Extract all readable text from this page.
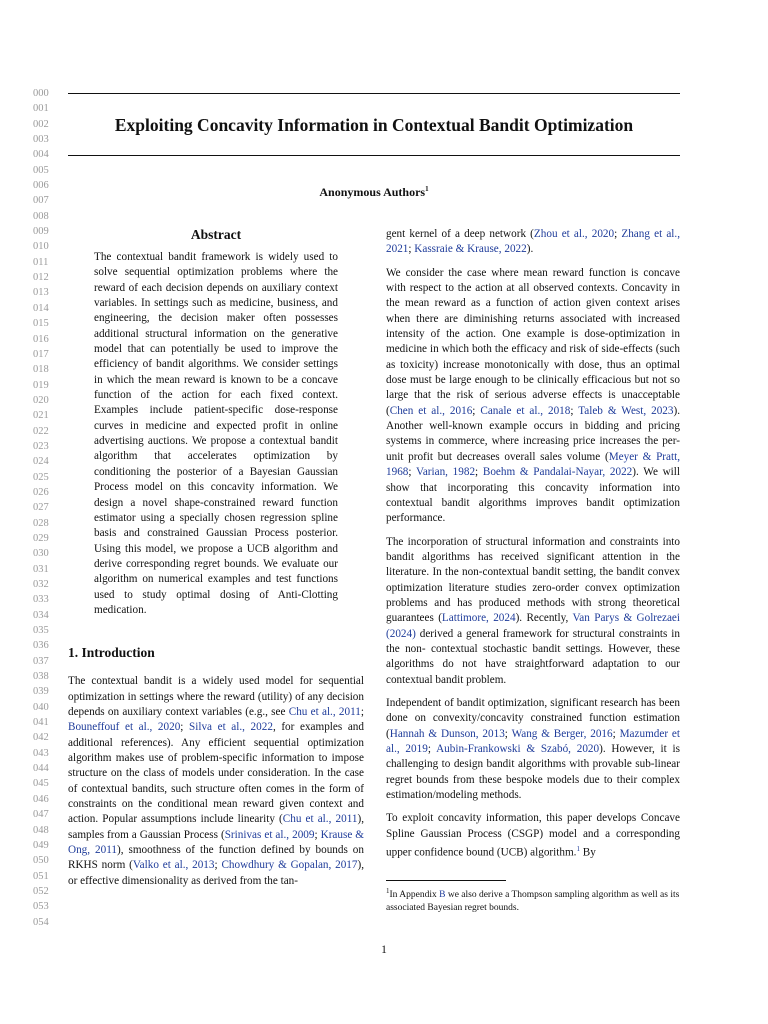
000
001
002
003
004
005
006
007
008
009
010
011
012
013
014
015
016
017
018
019
020
021
022
023
024
025
026
027
028
029
030
031
032
033
034
035
036
037
038
039
040
041
042
043
044
045
046
047
048
049
050
051
052
053
054
Exploiting Concavity Information in Contextual Bandit Optimization
Anonymous Authors$^1$
Abstract

The contextual bandit framework is widely used to solve sequential optimization problems where the reward of each decision depends on auxiliary context variables. In settings such as medicine, business, and engineering, the decision maker often possesses additional structural information on the generative model that can potentially be used to improve the efficiency of bandit algorithms. We consider settings in which the mean reward is known to be a concave function of the action for each fixed context. Examples include patient-specific dose-response curves in medicine and expected profit in online advertising auctions. We propose a contextual bandit algorithm that accelerates optimization by conditioning the posterior of a Bayesian Gaussian Process model on this concavity information. We design a novel shape-constrained reward function estimator using a specially chosen regression spline basis and constrained Gaussian Process posterior. Using this model, we propose a UCB algorithm and derive corresponding regret bounds. We evaluate our algorithm on numerical examples and test functions used to study optimal dosing of Anti-Clotting medication.

1. Introduction

The contextual bandit is a widely used model for sequential optimization in settings where the reward (utility) of any decision depends on auxiliary context variables (e.g., see Chu et al., 2011; Bouneffouf et al., 2020; Silva et al., 2022, for examples and additional references). Any efficient sequential optimization algorithm makes use of problem-specific information to impose structure on the class of models under consideration. In the case of contextual bandits, such structure often comes in the form of constraints on the conditional mean reward given context and action. Popular assumptions include linearity (Chu et al., 2011), samples from a Gaussian Process (Srinivas et al., 2009; Krause & Ong, 2011), smoothness of the function defined by bounds on RKHS norm (Valko et al., 2013; Chowdhury & Gopalan, 2017), or effective dimensionality as derived from the tan-

gent kernel of a deep network (Zhou et al., 2020; Zhang et al., 2021; Kassraie & Krause, 2022).

We consider the case where mean reward function is concave with respect to the action at all observed contexts. Concavity in the mean reward as a function of action given context arises when there are diminishing returns associated with increased intensity of the action. One example is dose-optimization in medicine in which both the efficacy and risk of side-effects (such as toxicity) increase monotonically with dose, thus an optimal dose must be large enough to be clinically efficacious but not so large that the risk of serious adverse effects is unacceptable (Chen et al., 2016; Canale et al., 2018; Taleb & West, 2023). Another well-known example occurs in bidding and pricing systems in commerce, where increasing price increases the per-unit profit but decreases overall sales volume (Meyer & Pratt, 1968; Varian, 1982; Boehm & Pandalai-Nayar, 2022). We will show that incorporating this concavity information into contextual bandit algorithms improves bandit optimization performance.

The incorporation of structural information and constraints into bandit algorithms has received significant attention in the literature. In the non-contextual bandit setting, the bandit convex optimization literature studies zero-order convex optimization problems and has produced methods with strong theoretical guarantees (Lattimore, 2024). Recently, Van Parys & Golrezaei (2024) derived a general framework for structural constraints in the non- contextual stochastic bandit settings. However, these algorithms do not have straightforward adaptation to our contextual bandit problem.

Independent of bandit optimization, significant research has been done on convexity/concavity constrained function estimation (Hannah & Dunson, 2013; Wang & Berger, 2016; Mazumder et al., 2019; Aubin-Frankowski & Szabó, 2020). However, it is challenging to design bandit algorithms with provable sub-linear regret bounds from these bespoke models due to their complex estimation/modeling methods.

To exploit concavity information, this paper develops Concave Spline Gaussian Process (CSGP) model and a corresponding upper confidence bound (UCB) algorithm.$^1$ By

$^1$In Appendix B we also derive a Thompson sampling algorithm as well as its associated Bayesian regret bounds.
1
